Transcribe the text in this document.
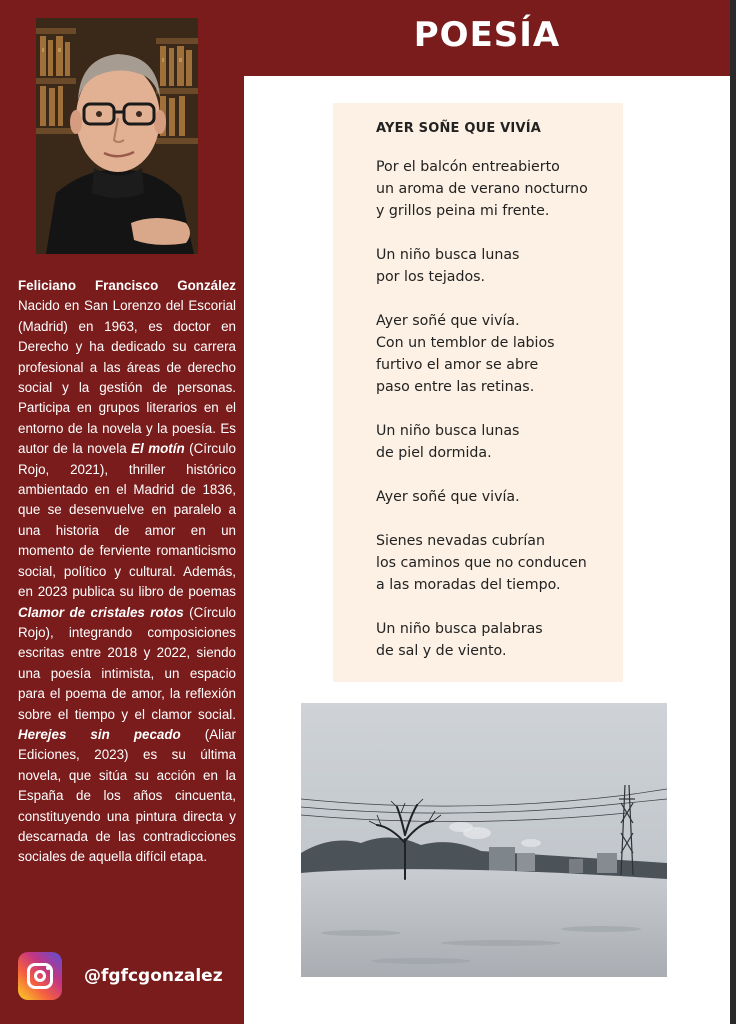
Feliciano Francisco González Nacido en San Lorenzo del Escorial (Madrid) en 1963, es doctor en Derecho y ha dedicado su carrera profesional a las áreas de derecho social y la gestión de personas. Participa en grupos literarios en el entorno de la novela y la poesía. Es autor de la novela El motín (Círculo Rojo, 2021), thriller histórico ambientado en el Madrid de 1836, que se desenvuelve en paralelo a una historia de amor en un momento de ferviente romanticismo social, político y cultural. Además, en 2023 publica su libro de poemas Clamor de cristales rotos (Círculo Rojo), integrando composiciones escritas entre 2018 y 2022, siendo una poesía intimista, un espacio para el poema de amor, la reflexión sobre el tiempo y el clamor social. Herejes sin pecado (Aliar Ediciones, 2023) es su última novela, que sitúa su acción en la España de los años cincuenta, constituyendo una pintura directa y descarnada de las contradicciones sociales de aquella difícil etapa.
@fgfcgonzalez
POESÍA
AYER SOÑE QUE VIVÍA
Por el balcón entreabierto
un aroma de verano nocturno
y grillos peina mi frente.
Un niño busca lunas
por los tejados.
Ayer soñé que vivía.
Con un temblor de labios
furtivo el amor se abre
paso entre las retinas.
Un niño busca lunas
de piel dormida.
Ayer soñé que vivía.
Sienes nevadas cubrían
los caminos que no conducen
a las moradas del tiempo.
Un niño busca palabras
de sal y de viento.
